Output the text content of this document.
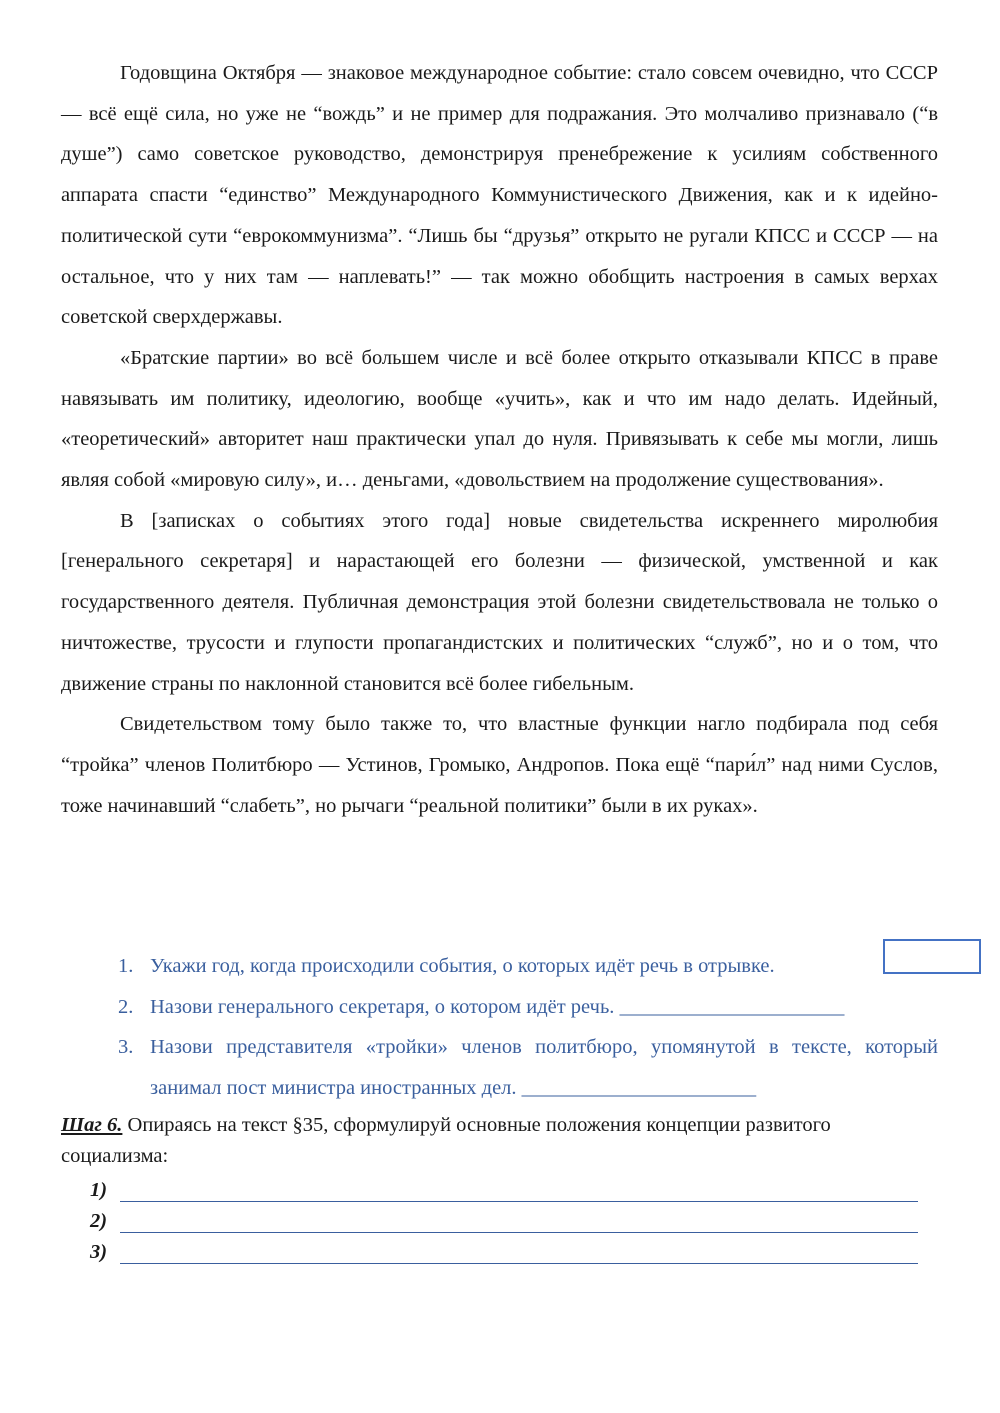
Годовщина Октября — знаковое международное событие: стало совсем очевидно, что СССР — всё ещё сила, но уже не “вождь” и не пример для подражания. Это молчаливо признавало (“в душе”) само советское руководство, демонстрируя пренебрежение к усилиям собственного аппарата спасти “единство” Международного Коммунистического Движения, как и к идейно-политической сути “еврокоммунизма”. “Лишь бы “друзья” открыто не ругали КПСС и СССР — на остальное, что у них там — наплевать!” — так можно обобщить настроения в самых верхах советской сверхдержавы.

«Братские партии» во всё большем числе и всё более открыто отказывали КПСС в праве навязывать им политику, идеологию, вообще «учить», как и что им надо делать. Идейный, «теоретический» авторитет наш практически упал до нуля. Привязывать к себе мы могли, лишь являя собой «мировую силу», и… деньгами, «довольствием на продолжение существования».

В [записках о событиях этого года] новые свидетельства искреннего миролюбия [генерального секретаря] и нарастающей его болезни — физической, умственной и как государственного деятеля. Публичная демонстрация этой болезни свидетельствовала не только о ничтожестве, трусости и глупости пропагандистских и политических “служб”, но и о том, что движение страны по наклонной становится всё более гибельным.

Свидетельством тому было также то, что властные функции нагло подбирала под себя “тройка” членов Политбюро — Устинов, Громыко, Андропов. Пока ещё “пари́л” над ними Суслов, тоже начинавший “слабеть”, но рычаги “реальной политики” были в их руках».

1. Укажи год, когда происходили события, о которых идёт речь в отрывке.
2. Назови генерального секретаря, о котором идёт речь. _______________________
3. Назови представителя «тройки» членов политбюро, упомянутой в тексте, который занимал пост министра иностранных дел. ________________________
Шаг 6. Опираясь на текст §35, сформулируй основные положения концепции развитого социализма:
1)
2)
3)
